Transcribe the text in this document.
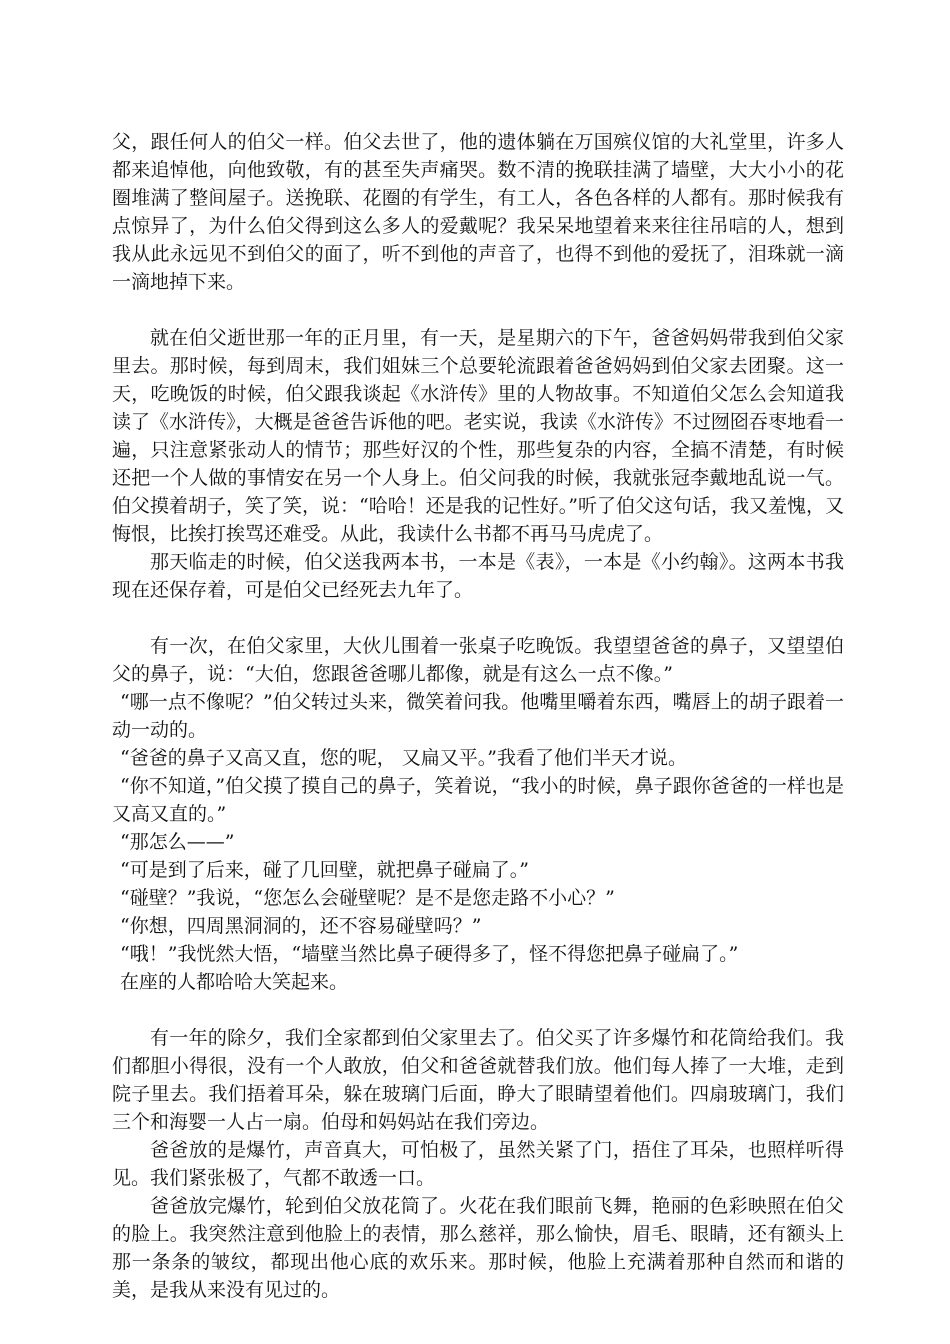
父，跟任何人的伯父一样。伯父去世了，他的遗体躺在万国殡仪馆的大礼堂里，许多人都来追悼他，向他致敬，有的甚至失声痛哭。数不清的挽联挂满了墙壁，大大小小的花圈堆满了整间屋子。送挽联、花圈的有学生，有工人，各色各样的人都有。那时候我有点惊异了，为什么伯父得到这么多人的爱戴呢？我呆呆地望着来来往往吊唁的人，想到我从此永远见不到伯父的面了，听不到他的声音了，也得不到他的爱抚了，泪珠就一滴一滴地掉下来。

就在伯父逝世那一年的正月里，有一天，是星期六的下午，爸爸妈妈带我到伯父家里去。那时候，每到周末，我们姐妹三个总要轮流跟着爸爸妈妈到伯父家去团聚。这一天，吃晚饭的时候，伯父跟我谈起《水浒传》里的人物故事。不知道伯父怎么会知道我读了《水浒传》，大概是爸爸告诉他的吧。老实说，我读《水浒传》不过囫囵吞枣地看一遍，只注意紧张动人的情节；那些好汉的个性，那些复杂的内容，全搞不清楚，有时候还把一个人做的事情安在另一个人身上。伯父问我的时候，我就张冠李戴地乱说一气。伯父摸着胡子，笑了笑，说：“哈哈！还是我的记性好。”听了伯父这句话，我又羞愧，又悔恨，比挨打挨骂还难受。从此，我读什么书都不再马马虎虎了。

那天临走的时候，伯父送我两本书，一本是《表》，一本是《小约翰》。这两本书我现在还保存着，可是伯父已经死去九年了。

有一次，在伯父家里，大伙儿围着一张桌子吃晚饭。我望望爸爸的鼻子，又望望伯父的鼻子，说：“大伯，您跟爸爸哪儿都像，就是有这么一点不像。”

“哪一点不像呢？”伯父转过头来，微笑着问我。他嘴里嚼着东西，嘴唇上的胡子跟着一动一动的。

“爸爸的鼻子又高又直，您的呢， 又扁又平。”我看了他们半天才说。

“你不知道，”伯父摸了摸自己的鼻子，笑着说，“我小的时候，鼻子跟你爸爸的一样也是又高又直的。”

“那怎么——”

“可是到了后来，碰了几回壁，就把鼻子碰扁了。”

“碰壁？”我说，“您怎么会碰壁呢？是不是您走路不小心？”

“你想，四周黑洞洞的，还不容易碰壁吗？”

“哦！”我恍然大悟，“墙壁当然比鼻子硬得多了，怪不得您把鼻子碰扁了。”

在座的人都哈哈大笑起来。

有一年的除夕，我们全家都到伯父家里去了。伯父买了许多爆竹和花筒给我们。我们都胆小得很，没有一个人敢放，伯父和爸爸就替我们放。他们每人捧了一大堆，走到院子里去。我们捂着耳朵，躲在玻璃门后面，睁大了眼睛望着他们。四扇玻璃门，我们三个和海婴一人占一扇。伯母和妈妈站在我们旁边。

爸爸放的是爆竹，声音真大，可怕极了，虽然关紧了门，捂住了耳朵，也照样听得见。我们紧张极了，气都不敢透一口。

爸爸放完爆竹，轮到伯父放花筒了。火花在我们眼前飞舞，艳丽的色彩映照在伯父的脸上。我突然注意到他脸上的表情，那么慈祥，那么愉快，眉毛、眼睛，还有额头上那一条条的皱纹，都现出他心底的欢乐来。那时候，他脸上充满着那种自然而和谐的美，是我从来没有见过的。
